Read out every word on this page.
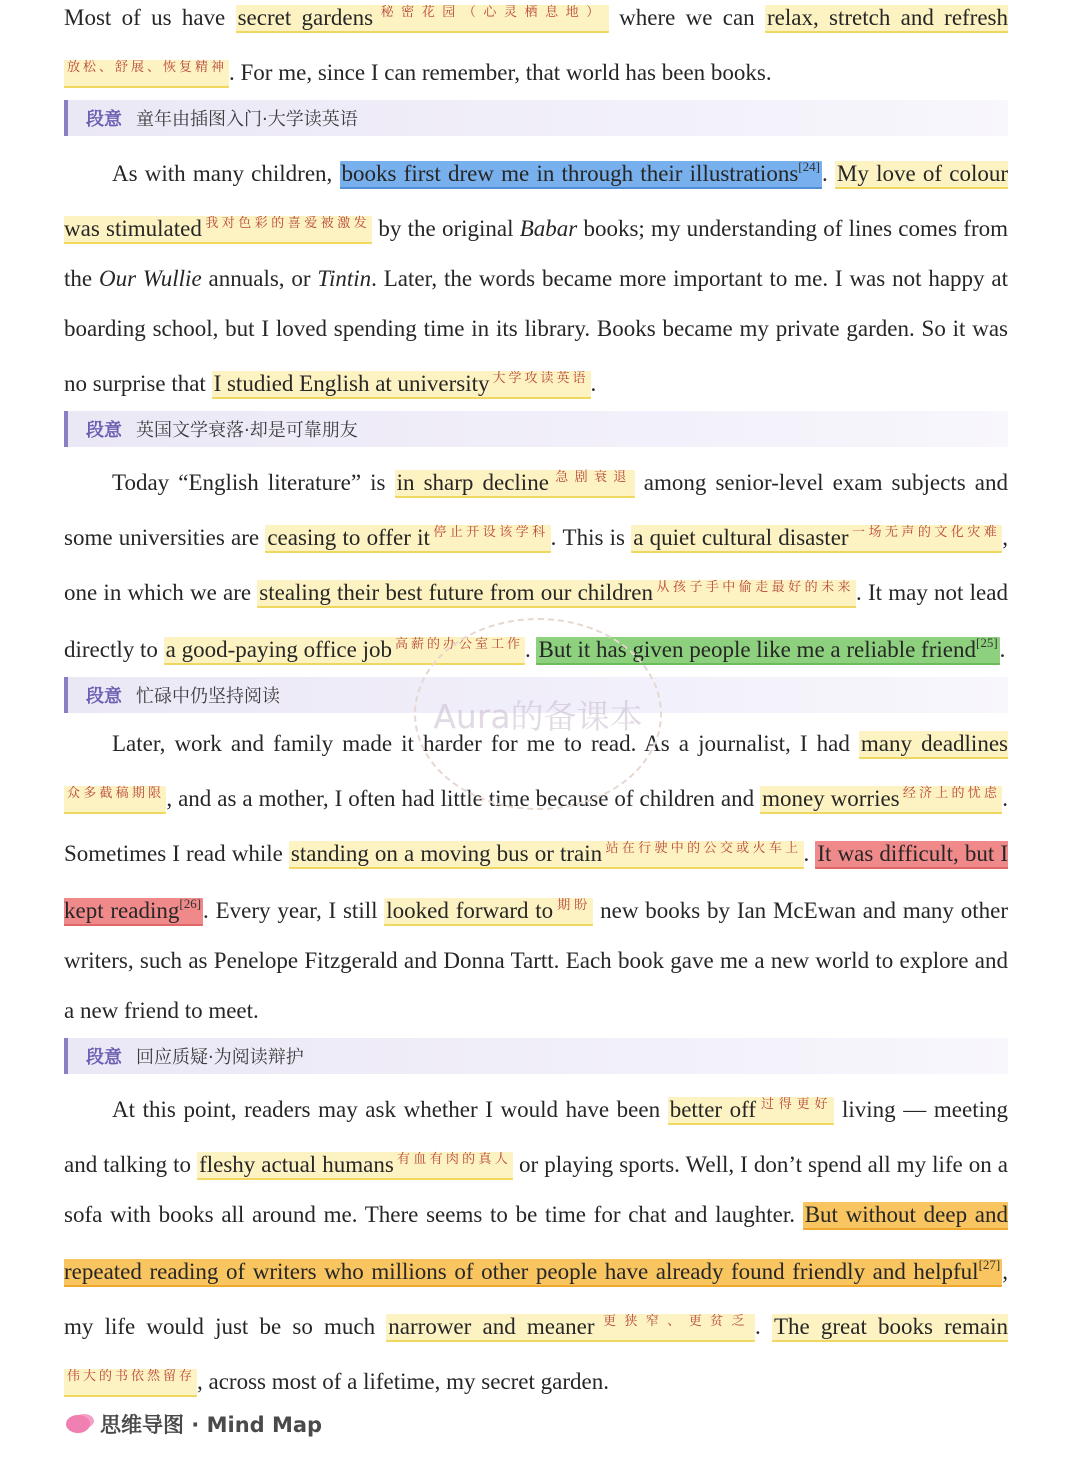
Most of us have secret gardens $^{秘密花园(心灵栖息地)}$ where we can relax, stretch and refresh$^{放松、舒展、恢复精神}$. For me, since I can remember, that world has been books.

段意 童年由插图入门·大学读英语

As with many children, books first drew me in through their illustrations[24]. My love of colour was stimulated $^{我对色彩的喜爱被激发}$ by the original Babar books; my understanding of lines comes from the Our Wullie annuals, or Tintin. Later, the words became more important to me. I was not happy at boarding school, but I loved spending time in its library. Books became my private garden. So it was no surprise that I studied English at university $^{大学攻读英语}$.

段意 英国文学衰落·却是可靠朋友

Today “English literature” is in sharp decline $^{急剧衰退}$ among senior-level exam subjects and some universities are ceasing to offer it $^{停止开设该学科}$. This is a quiet cultural disaster $^{一场无声的文化灾难}$, one in which we are stealing their best future from our children $^{从孩子手中偷走最好的未来}$. It may not lead directly to a good-paying office job $^{高薪的办公室工作}$. But it has given people like me a reliable friend[25].

段意 忙碌中仍坚持阅读

Later, work and family made it harder for me to read. As a journalist, I had many deadlines$^{众多截稿期限}$, and as a mother, I often had little time because of children and money worries $^{经济上的忧虑}$. Sometimes I read while standing on a moving bus or train $^{站在行驶中的公交或火车上}$. It was difficult, but I kept reading[26]. Every year, I still looked forward to $^{期盼}$ new books by Ian McEwan and many other writers, such as Penelope Fitzgerald and Donna Tartt. Each book gave me a new world to explore and a new friend to meet.

段意 回应质疑·为阅读辩护

At this point, readers may ask whether I would have been better off $^{过得更好}$ living — meeting and talking to fleshy actual humans $^{有血有肉的真人}$ or playing sports. Well, I don’t spend all my life on a sofa with books all around me. There seems to be time for chat and laughter. But without deep and repeated reading of writers who millions of other people have already found friendly and helpful[27], my life would just be so much narrower and meaner $^{更狭窄、更贫乏}$. The great books remain$^{伟大的书依然留存}$, across most of a lifetime, my secret garden.

Aura的备课本
思维导图 · Mind Map
